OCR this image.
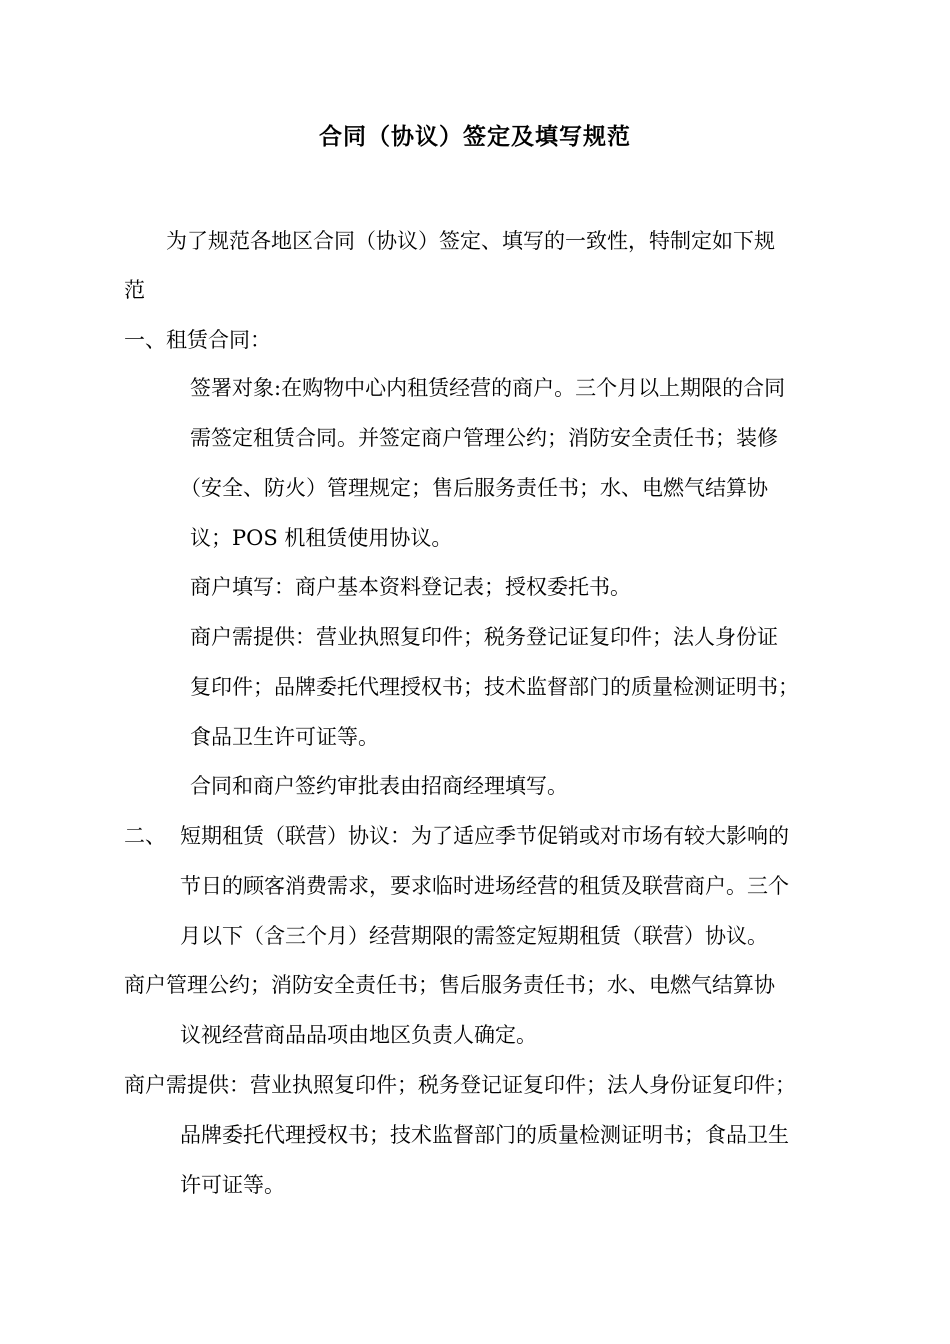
合同（协议）签定及填写规范
为了规范各地区合同（协议）签定、填写的一致性，特制定如下规
范
一、租赁合同：
签署对象:在购物中心内租赁经营的商户。三个月以上期限的合同
需签定租赁合同。并签定商户管理公约；消防安全责任书；装修
（安全、防火）管理规定；售后服务责任书；水、电燃气结算协
议；POS 机租赁使用协议。
商户填写：商户基本资料登记表；授权委托书。
商户需提供：营业执照复印件；税务登记证复印件；法人身份证
复印件；品牌委托代理授权书；技术监督部门的质量检测证明书；
食品卫生许可证等。
合同和商户签约审批表由招商经理填写。
二、 短期租赁（联营）协议：为了适应季节促销或对市场有较大影响的
节日的顾客消费需求，要求临时进场经营的租赁及联营商户。三个
月以下（含三个月）经营期限的需签定短期租赁（联营）协议。
商户管理公约；消防安全责任书；售后服务责任书；水、电燃气结算协
议视经营商品品项由地区负责人确定。
商户需提供：营业执照复印件；税务登记证复印件；法人身份证复印件；
品牌委托代理授权书；技术监督部门的质量检测证明书；食品卫生
许可证等。
